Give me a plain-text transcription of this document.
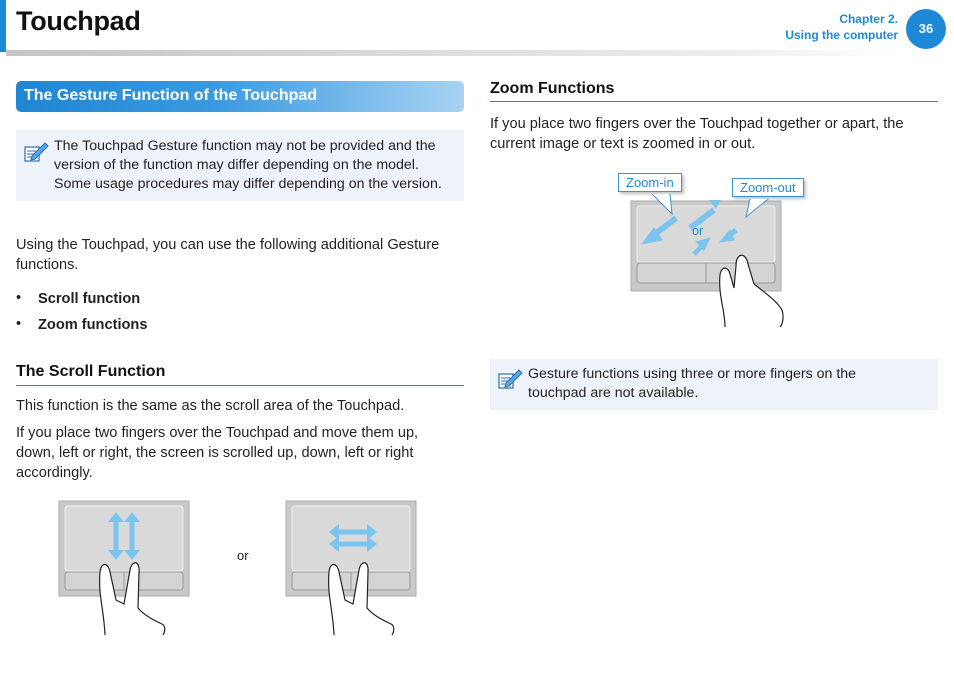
Touchpad	Chapter 2.
Using the computer	36
The Gesture Function of the Touchpad
The Touchpad Gesture function may not be provided and the
version of the function may differ depending on the model.
Some usage procedures may differ depending on the version.
Using the Touchpad, you can use the following additional Gesture
functions.
• Scroll function
• Zoom functions
The Scroll Function
This function is the same as the scroll area of the Touchpad.
If you place two fingers over the Touchpad and move them up,
down, left or right, the screen is scrolled up, down, left or right
accordingly.
or
Zoom Functions
If you place two fingers over the Touchpad together or apart, the
current image or text is zoomed in or out.
or
Zoom-in	Zoom-out
Gesture functions using three or more fingers on the
touchpad are not available.
